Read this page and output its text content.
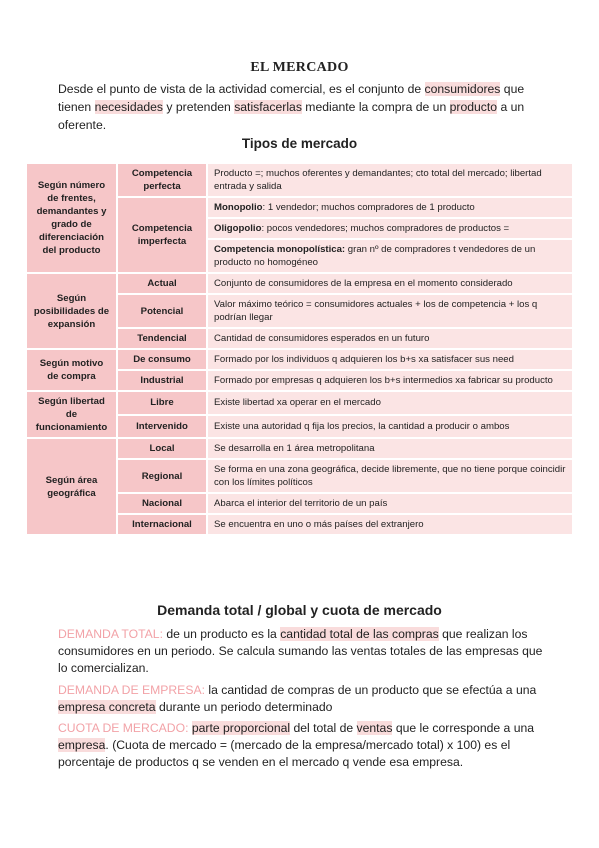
EL MERCADO
Desde el punto de vista de la actividad comercial, es el conjunto de consumidores que tienen necesidades y pretenden satisfacerlas mediante la compra de un producto a un oferente.
Tipos de mercado
Según número de frentes, demandantes y grado de diferenciación del producto	Competencia perfecta	Producto =; muchos oferentes y demandantes; cto total del mercado; libertad entrada y salida
	Competencia imperfecta	Monopolio: 1 vendedor; muchos compradores de 1 producto
		Oligopolio: pocos vendedores; muchos compradores de productos =
		Competencia monopolística: gran nº de compradores t vendedores de un producto no homogéneo
Según posibilidades de expansión	Actual	Conjunto de consumidores de la empresa en el momento considerado
	Potencial	Valor máximo teórico = consumidores actuales + los de competencia + los q podrían llegar
	Tendencial	Cantidad de consumidores esperados en un futuro
Según motivo de compra	De consumo	Formado por los individuos q adquieren los b+s xa satisfacer sus need
	Industrial	Formado por empresas q adquieren los b+s intermedios xa fabricar su producto
Según libertad de funcionamiento	Libre	Existe libertad xa operar en el mercado
	Intervenido	Existe una autoridad q fija los precios, la cantidad a producir o ambos
Según área geográfica	Local	Se desarrolla en 1 área metropolitana
	Regional	Se forma en una zona geográfica, decide libremente, que no tiene porque coincidir con los límites políticos
	Nacional	Abarca el interior del territorio de un país
	Internacional	Se encuentra en uno o más países del extranjero
Demanda total / global y cuota de mercado
DEMANDA TOTAL: de un producto es la cantidad total de las compras que realizan los consumidores en un periodo. Se calcula sumando las ventas totales de las empresas que lo comercializan.
DEMANDA DE EMPRESA: la cantidad de compras de un producto que se efectúa a una empresa concreta durante un periodo determinado
CUOTA DE MERCADO: parte proporcional del total de ventas que le corresponde a una empresa. (Cuota de mercado = (mercado de la empresa/mercado total) x 100) es el porcentaje de productos q se venden en el mercado q vende esa empresa.
